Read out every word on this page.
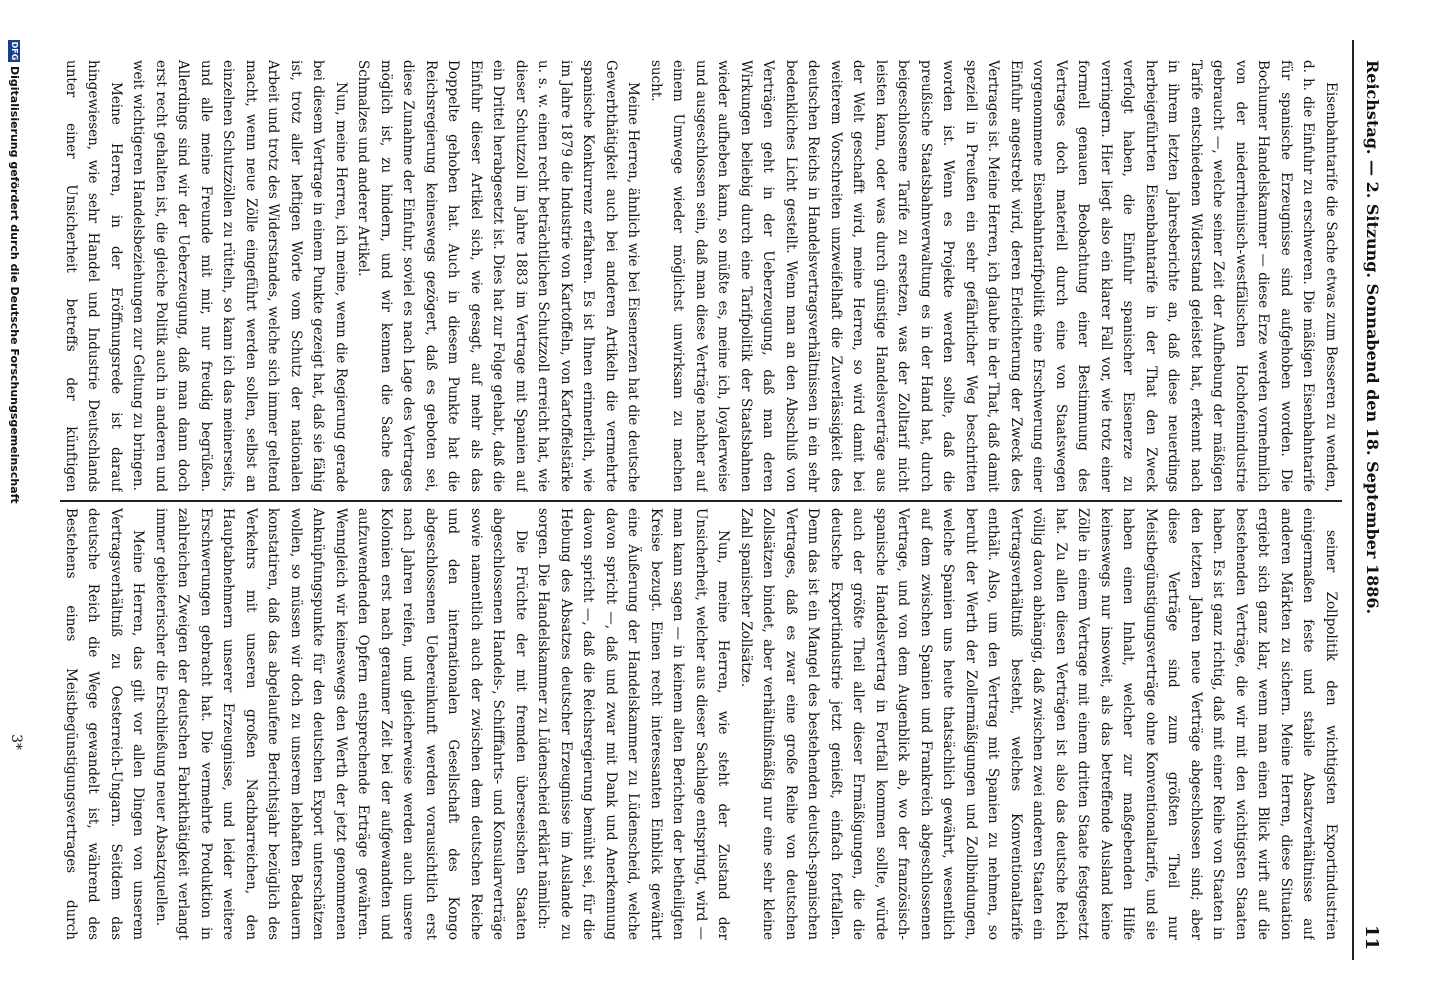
Reichstag. — 2. Sitzung. Sonnabend den 18. September 1886.
11

Eisenbahntarife die Sache etwas zum Besseren zu wenden, d. h. die Einfuhr zu erschweren. Die mäßigen Eisenbahntarife für spanische Erzeugnisse sind aufgehoben worden. Die Bochumer Handelskammer — diese Erze werden vornehmlich von der niederrheinisch-westfälischen Hochofenindustrie gebraucht —, welche seiner Zeit der Aufhebung der mäßigen Tarife entschiedenen Widerstand geleistet hat, erkennt nach in ihrem letzten Jahresberichte an, daß diese neuerdings herbeigeführten Eisenbahntarife in der That den Zweck verfolgt haben, die Einfuhr spanischer Eisenerze zu verringern. Hier liegt also ein klarer Fall vor, wie trotz einer formell genauen Beobachtung einer Bestimmung des Vertrages doch materiell durch eine von Staatswegen vorgenommene Eisenbahntarifpolitik eine Erschwerung einer Einfuhr angestrebt wird, deren Erleichterung der Zweck des Vertrages ist. Meine Herren, ich glaube in der That, daß damit speziell in Preußen ein sehr gefährlicher Weg beschritten worden ist. Wenn es Projekte werden sollte, daß die preußische Staatsbahnverwaltung es in der Hand hat, durch beigeschlossene Tarife zu ersetzen, was der Zolltarif nicht leisten kann, oder was durch günstige Handelsverträge aus der Welt geschafft wird, meine Herren, so wird damit bei weiterem Vorschreiten unzweifelhaft die Zuverlässigkeit des deutschen Reichs in Handelsvertragsverhältnissen in ein sehr bedenkliches Licht gestellt. Wenn man an den Abschluß von Verträgen geht in der Ueberzeugung, daß man deren Wirkungen beliebig durch eine Tarifpolitik der Staatsbahnen wieder aufheben kann, so müßte es, meine ich, loyalerweise und ausgeschlossen sein, daß man diese Verträge nachher auf einem Umwege wieder möglichst unwirksam zu machen sucht.

Meine Herren, ähnlich wie bei Eisenerzen hat die deutsche Gewerbthätigkeit auch bei anderen Artikeln die vermehrte spanische Konkurrenz erfahren. Es ist Ihnen erinnerlich, wie im Jahre 1879 die Industrie von Kartoffeln, von Kartoffelstärke u. s. w. einen recht beträchtlichen Schutzzoll erreicht hat, wie dieser Schutzzoll im Jahre 1883 im Vertrage mit Spanien auf ein Drittel herabgesetzt ist. Dies hat zur Folge gehabt, daß die Einfuhr dieser Artikel sich, wie gesagt, auf mehr als das Doppelte gehoben hat. Auch in diesem Punkte hat die Reichsregierung keineswegs gezögert, daß es geboten sei, diese Zunahme der Einfuhr, soviel es nach Lage des Vertrages möglich ist, zu hindern, und wir kennen die Sache des Schmalzes und anderer Artikel.

Nun, meine Herren, ich meine, wenn die Regierung gerade bei diesem Vertrage in einem Punkte gezeigt hat, daß sie fähig ist, trotz aller heftigen Worte vom Schutz der nationalen Arbeit und trotz des Widerstandes, welche sich immer geltend macht, wenn neue Zölle eingeführt werden sollen, selbst an einzelnen Schutzzöllen zu rütteln, so kann ich das meinerseits, und alle meine Freunde mit mir, nur freudig begrüßen. Allerdings sind wir der Ueberzeugung, daß man dann doch erst recht gehalten ist, die gleiche Politik auch in anderen und weit wichtigeren Handelsbeziehungen zur Geltung zu bringen.

Meine Herren, in der Eröffnungsrede ist darauf hingewiesen, wie sehr Handel und Industrie Deutschlands unter einer Unsicherheit betreffs der künftigen

seiner Zollpolitik den wichtigsten Exportindustrien einigermaßen feste und stabile Absatzverhältnisse auf anderen Märkten zu sichern. Meine Herren, diese Situation ergiebt sich ganz klar, wenn man einen Blick wirft auf die bestehenden Verträge, die wir mit den wichtigsten Staaten haben. Es ist ganz richtig, daß mit einer Reihe von Staaten in den letzten Jahren neue Verträge abgeschlossen sind; aber diese Verträge sind zum größten Theil nur Meistbegünstigungsverträge ohne Konventionaltarife, und sie haben einen Inhalt, welcher zur maßgebenden Hilfe keineswegs nur insoweit, als das betreffende Ausland keine Zölle in einem Vertrage mit einem dritten Staate festgesetzt hat. Zu allen diesen Verträgen ist also das deutsche Reich völlig davon abhängig, daß zwischen zwei anderen Staaten ein Vertragsverhältniß besteht, welches Konventionaltarife enthält. Also, um den Vertrag mit Spanien zu nehmen, so beruht der Werth der Zollermäßigungen und Zollbindungen, welche Spanien uns heute thatsächlich gewährt, wesentlich auf dem zwischen Spanien und Frankreich abgeschlossenen Vertrage, und von dem Augenblick ab, wo der französisch-spanische Handelsvertrag in Fortfall kommen sollte, würde auch der größte Theil aller dieser Ermäßigungen, die die deutsche Exportindustrie jetzt genießt, einfach fortfallen. Denn das ist ein Mangel des bestehenden deutsch-spanischen Vertrages, daß es zwar eine große Reihe von deutschen Zollsätzen bindet, aber verhältnißmäßig nur eine sehr kleine Zahl spanischer Zollsätze.

Nun, meine Herren, wie steht der Zustand der Unsicherheit, welcher aus dieser Sachlage entspringt, wird — man kann sagen — in keinem alten Berichten der betheiligten Kreise bezugt. Einen recht interessanten Einblick gewährt eine Äußerung der Handelskammer zu Lüdenscheid, welche davon spricht —, daß und zwar mit Dank und Anerkennung davon spricht —, daß die Reichsregierung bemüht sei, für die Hebung des Absatzes deutscher Erzeugnisse im Auslande zu sorgen. Die Handelskammer zu Lüdenscheid erklärt nämlich:

Die Früchte der mit fremden überseeischen Staaten abgeschlossenen Handels-, Schifffahrts- und Konsularverträge sowie namentlich auch der zwischen dem deutschen Reiche und den internationalen Gesellschaft des Kongo abgeschlossenen Uebereinkunft werden vorausichtlich erst nach Jahren reifen, und gleicherweise werden auch unsere Kolonien erst nach geraumer Zeit bei der aufgewandten und aufzuwendenden Opfern entsprechende Erträge gewähren. Wenngleich wir keineswegs den Werth der jetzt genommenen Anknüpfungspunkte für den deutschen Export unterschätzen wollen, so müssen wir doch zu unserem lebhaften Bedauern konstatiren, daß das abgelaufene Berichtsjahr bezüglich des Verkehrs mit unseren großen Nachbarreichen, den Hauptabnehmern unserer Erzeugnisse, und leider weitere Erschwerungen gebracht hat. Die vermehrte Produktion in zahlreichen Zweigen der deutschen Fabrikthätigkeit verlangt immer gebieterischer die Erschließung neuer Absatzquellen.

Meine Herren, das gilt vor allen Dingen von unserem Vertragsverhältniß zu Oesterreich-Ungarn. Seitdem das deutsche Reich die Wege gewandelt ist, während des Bestehens eines Meistbegünstigungsvertrages durch

DFGDigitalisierung gefördert durch die Deutsche Forschungsgemeinschaft
3*
